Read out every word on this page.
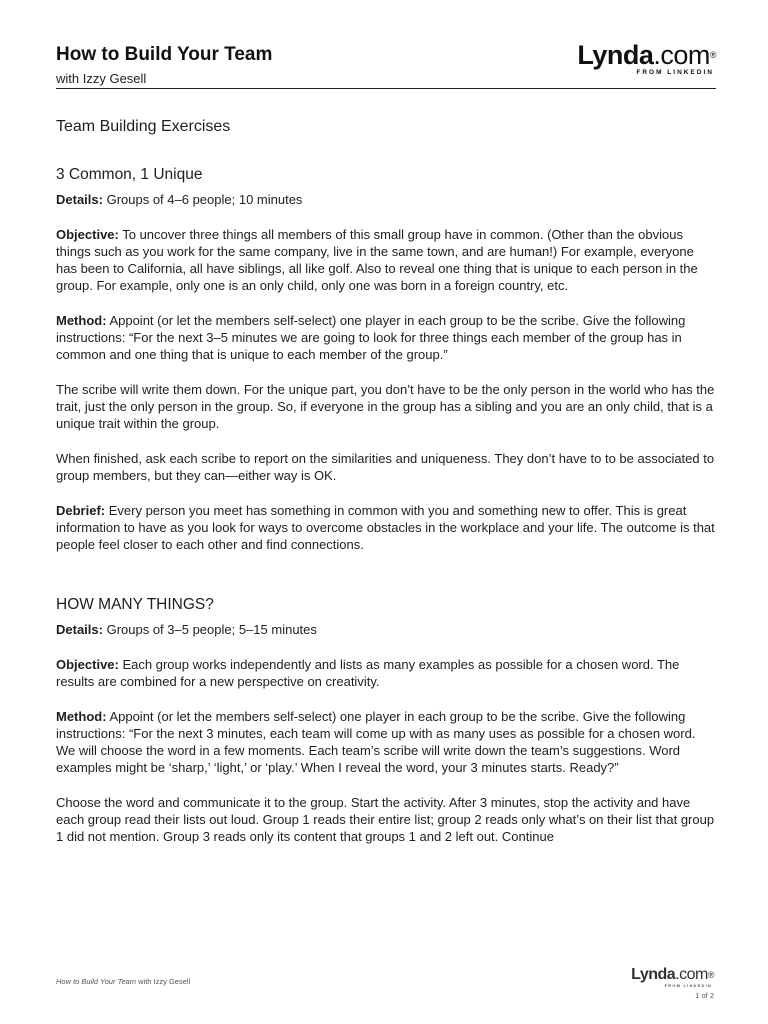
How to Build Your Team
with Izzy Gesell
Lynda.com®
FROM LINKEDIN
Team Building Exercises
3 Common, 1 Unique

Details: Groups of 4–6 people; 10 minutes

Objective: To uncover three things all members of this small group have in common. (Other than the obvious things such as you work for the same company, live in the same town, and are human!) For example, everyone has been to California, all have siblings, all like golf. Also to reveal one thing that is unique to each person in the group. For example, only one is an only child, only one was born in a foreign country, etc.

Method: Appoint (or let the members self-select) one player in each group to be the scribe. Give the following instructions: “For the next 3–5 minutes we are going to look for three things each member of the group has in common and one thing that is unique to each member of the group.”

The scribe will write them down. For the unique part, you don’t have to be the only person in the world who has the trait, just the only person in the group. So, if everyone in the group has a sibling and you are an only child, that is a unique trait within the group.

When finished, ask each scribe to report on the similarities and uniqueness. They don’t have to to be associated to group members, but they can—either way is OK.

Debrief: Every person you meet has something in common with you and something new to offer. This is great information to have as you look for ways to overcome obstacles in the workplace and your life. The outcome is that people feel closer to each other and find connections.

HOW MANY THINGS?

Details: Groups of 3–5 people; 5–15 minutes

Objective: Each group works independently and lists as many examples as possible for a chosen word. The results are combined for a new perspective on creativity.

Method: Appoint (or let the members self-select) one player in each group to be the scribe. Give the following instructions: “For the next 3 minutes, each team will come up with as many uses as possible for a chosen word. We will choose the word in a few moments. Each team’s scribe will write down the team’s suggestions. Word examples might be ‘sharp,’ ‘light,’ or ‘play.’ When I reveal the word, your 3 minutes starts. Ready?”

Choose the word and communicate it to the group. Start the activity. After 3 minutes, stop the activity and have each group read their lists out loud. Group 1 reads their entire list; group 2 reads only what’s on their list that group 1 did not mention. Group 3 reads only its content that groups 1 and 2 left out. Continue

How to Build Your Team with Izzy Gesell	Lynda.com®
FROM LINKEDIN
1 of 2
